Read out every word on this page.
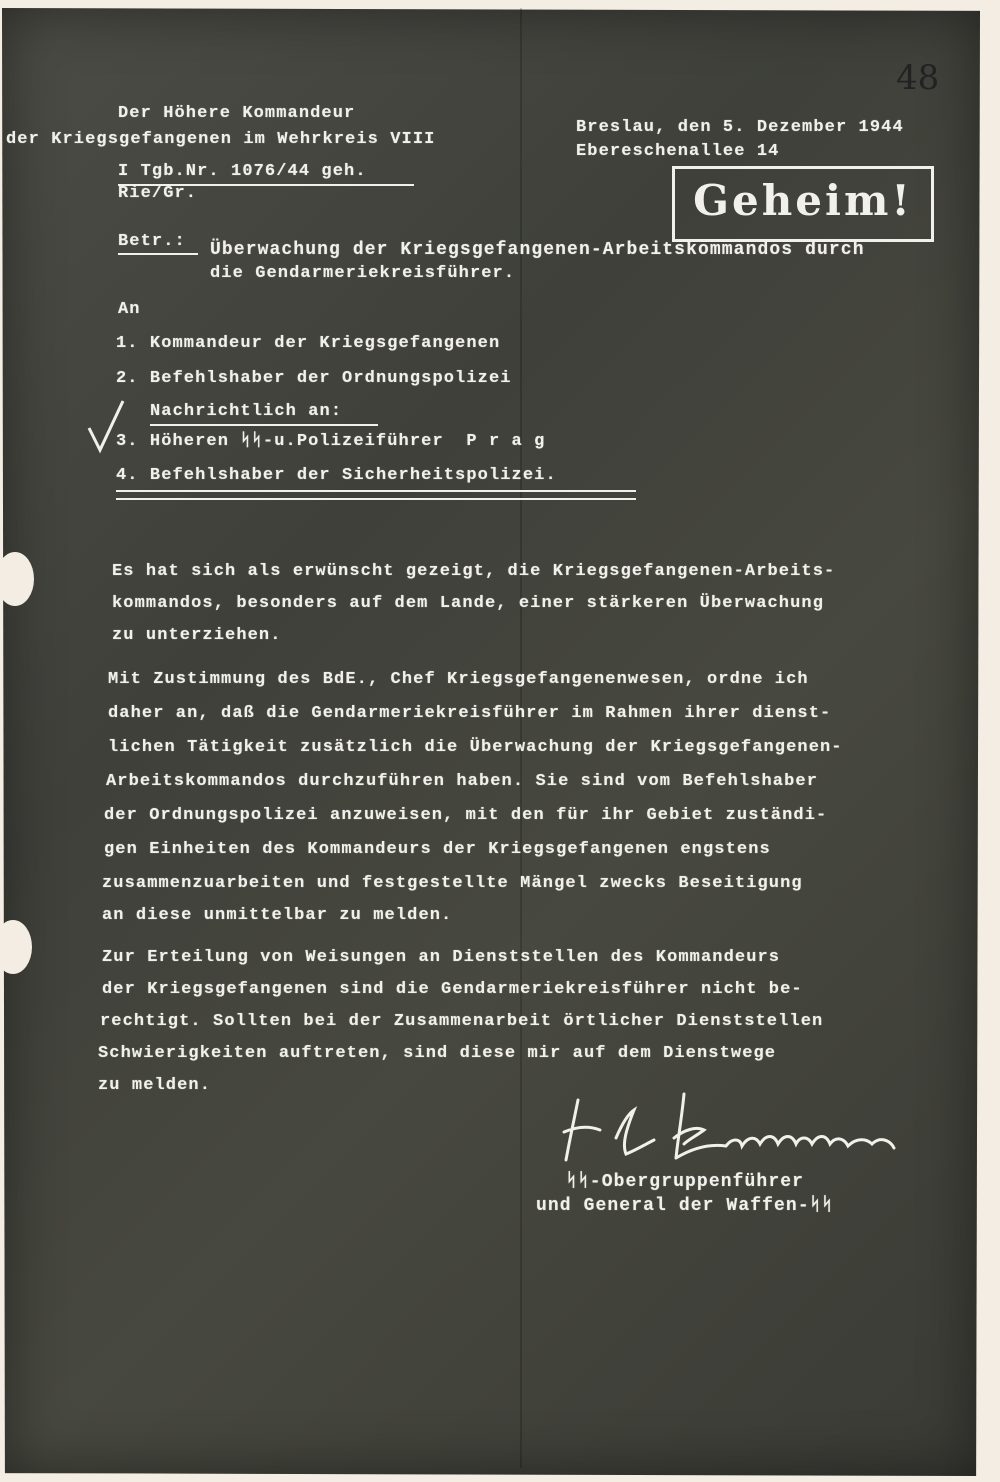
48
Der Höhere Kommandeur
der Kriegsgefangenen im Wehrkreis VIII
Breslau, den 5. Dezember 1944
Ebereschenallee 14
I Tgb.Nr. 1076/44 geh.
Rie/Gr.	Geheim!
Betr.: Überwachung der Kriegsgefangenen-Arbeitskommandos durch
die Gendarmeriekreisführer.
An
1. Kommandeur der Kriegsgefangenen
2. Befehlshaber der Ordnungspolizei
Nachrichtlich an:
3. Höheren ᛋᛋ-u.Polizeiführer  P r a g
4. Befehlshaber der Sicherheitspolizei.
Es hat sich als erwünscht gezeigt, die Kriegsgefangenen-Arbeits-
kommandos, besonders auf dem Lande, einer stärkeren Überwachung
zu unterziehen.
Mit Zustimmung des BdE., Chef Kriegsgefangenenwesen, ordne ich
daher an, daß die Gendarmeriekreisführer im Rahmen ihrer dienst-
lichen Tätigkeit zusätzlich die Überwachung der Kriegsgefangenen-
Arbeitskommandos durchzuführen haben. Sie sind vom Befehlshaber
der Ordnungspolizei anzuweisen, mit den für ihr Gebiet zuständi-
gen Einheiten des Kommandeurs der Kriegsgefangenen engstens
zusammenzuarbeiten und festgestellte Mängel zwecks Beseitigung
an diese unmittelbar zu melden.
Zur Erteilung von Weisungen an Dienststellen des Kommandeurs
der Kriegsgefangenen sind die Gendarmeriekreisführer nicht be-
rechtigt. Sollten bei der Zusammenarbeit örtlicher Dienststellen
Schwierigkeiten auftreten, sind diese mir auf dem Dienstwege
zu melden.
ᛋᛋ-Obergruppenführer
und General der Waffen-ᛋᛋ
